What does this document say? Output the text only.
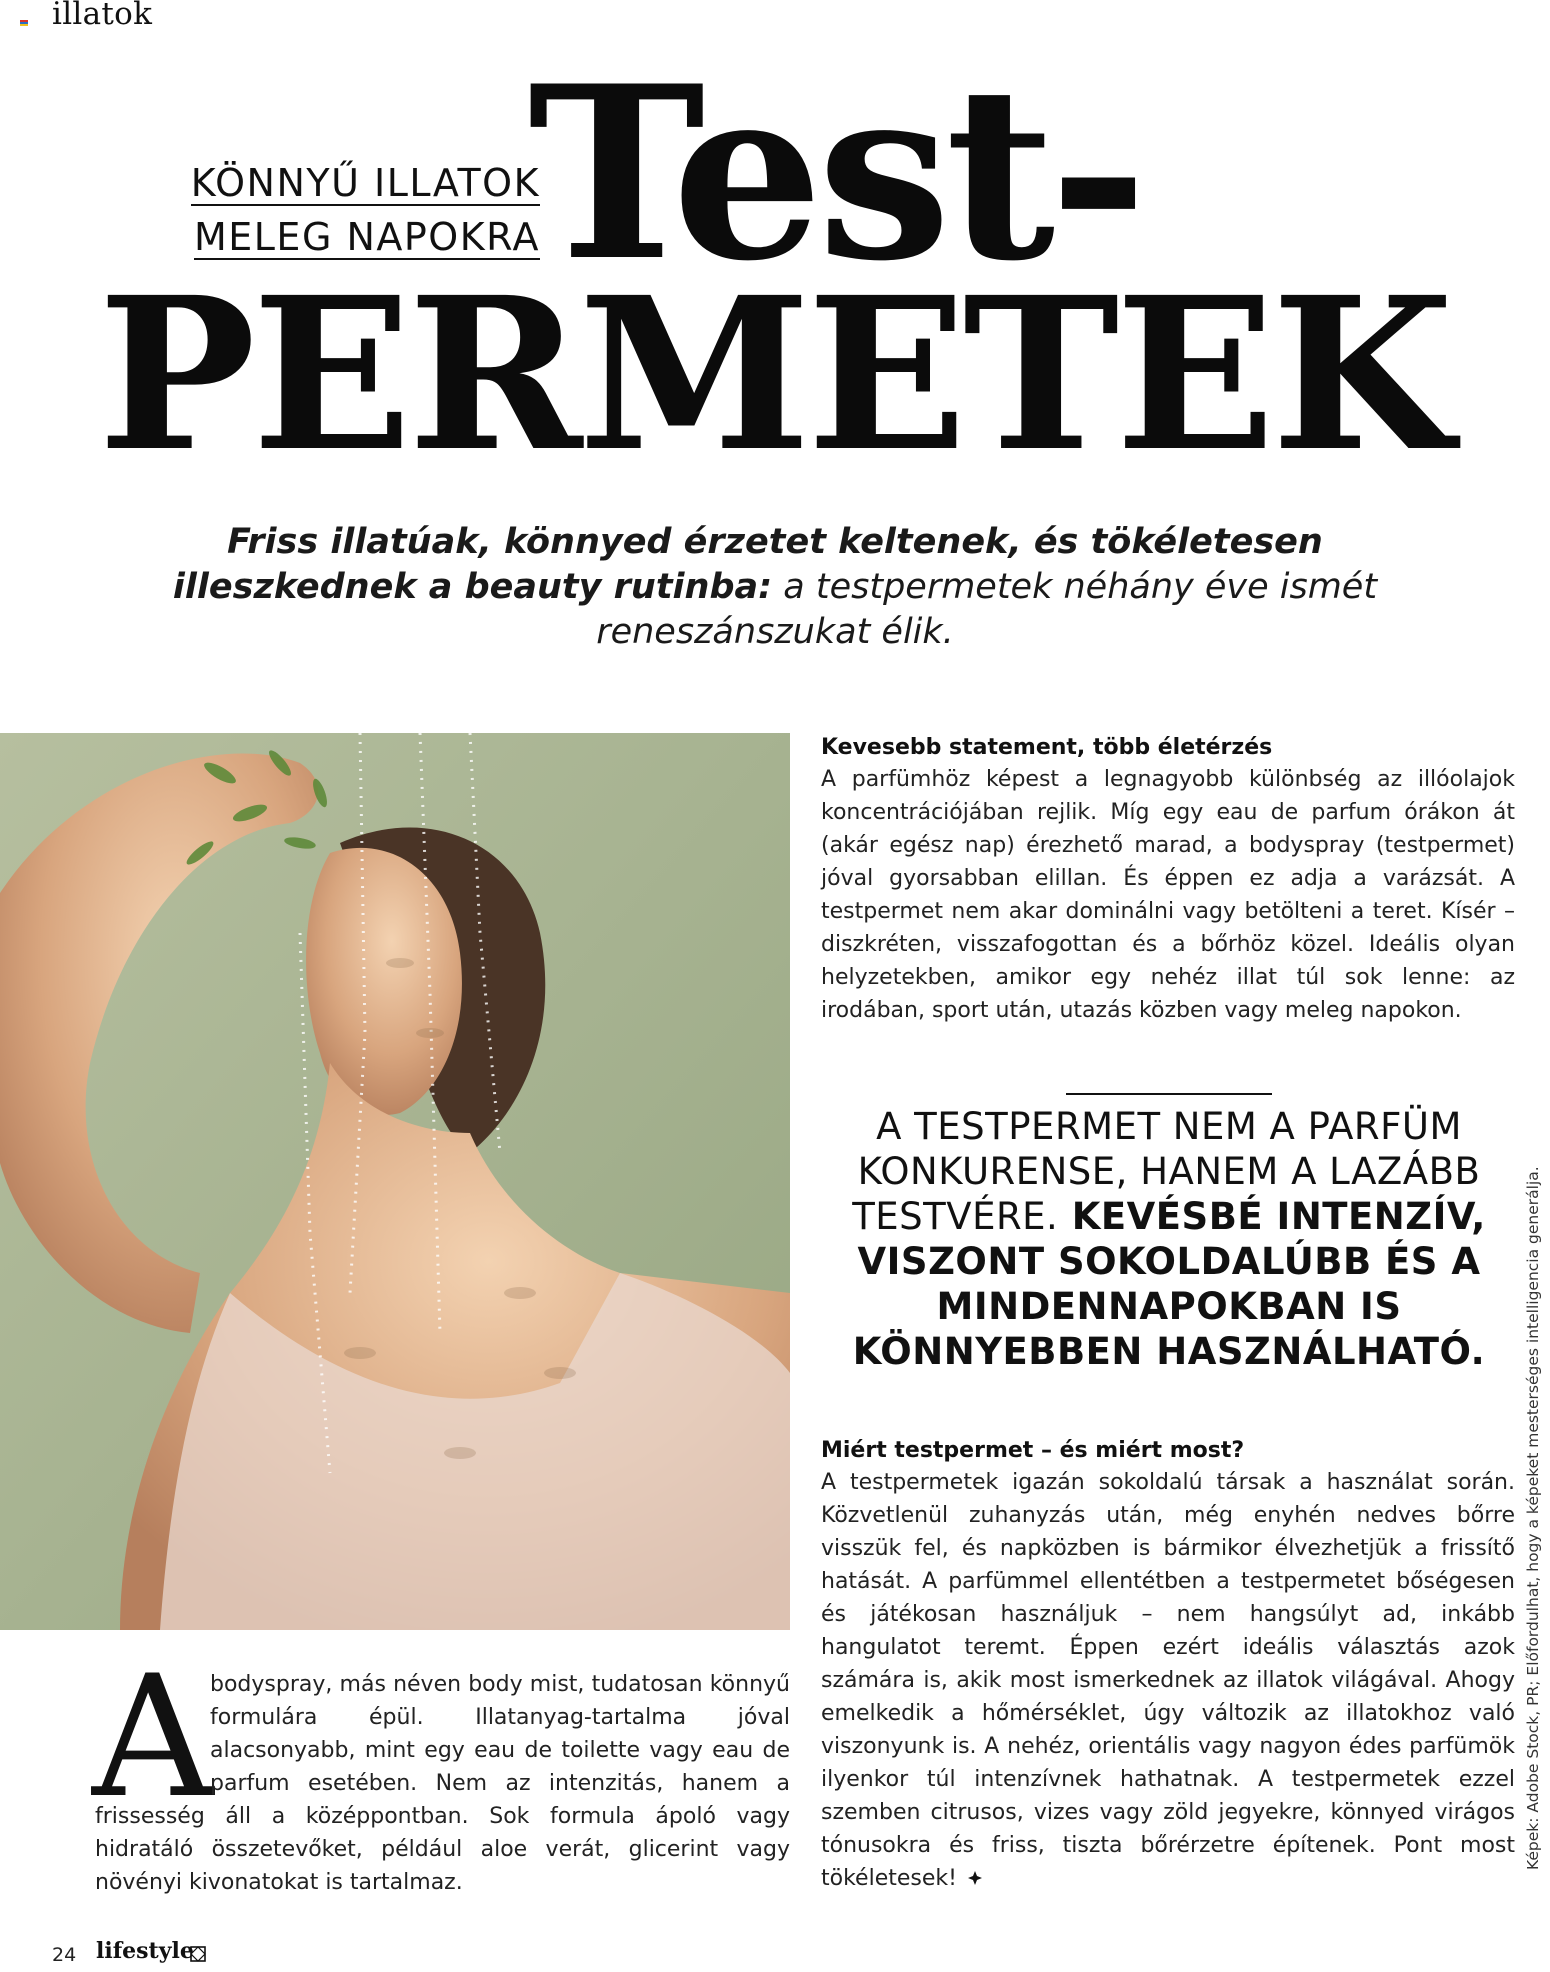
illatok
KÖNNYŰ ILLATOK
MELEG NAPOKRA
Test-
PERMETEK
Friss illatúak, könnyed érzetet keltenek, és tökéletesen illeszkednek a beauty rutinba: a testpermetek néhány éve ismét reneszánszukat élik.
Kevesebb statement, több életérzés
A parfümhöz képest a legnagyobb különbség az illóolajok koncentrációjában rejlik. Míg egy eau de parfum órákon át (akár egész nap) érezhető marad, a bodyspray (testpermet) jóval gyorsabban elillan. És éppen ez adja a varázsát. A testpermet nem akar dominálni vagy betölteni a teret. Kísér – diszkréten, visszafogottan és a bőrhöz közel. Ideális olyan helyzetekben, amikor egy nehéz illat túl sok lenne: az irodában, sport után, utazás közben vagy meleg napokon.
A TESTPERMET NEM A PARFÜM KONKURENSE, HANEM A LAZÁBB TESTVÉRE. KEVÉSBÉ INTENZÍV, VISZONT SOKOLDALÚBB ÉS A MINDENNAPOKBAN IS KÖNNYEBBEN HASZNÁLHATÓ.
Miért testpermet – és miért most?
A testpermetek igazán sokoldalú társak a használat során. Közvetlenül zuhanyzás után, még enyhén nedves bőrre visszük fel, és napközben is bármikor élvezhetjük a frissítő hatását. A parfümmel ellentétben a testpermetet bőségesen és játékosan használjuk – nem hangsúlyt ad, inkább hangulatot teremt. Éppen ezért ideális választás azok számára is, akik most ismerkednek az illatok világával. Ahogy emelkedik a hőmérséklet, úgy változik az illatokhoz való viszonyunk is. A nehéz, orientális vagy nagyon édes parfümök ilyenkor túl intenzívnek hathatnak. A testpermetek ezzel szemben citrusos, vizes vagy zöld jegyekre, könnyed virágos tónusokra és friss, tiszta bőrérzetre építenek. Pont most tökéletesek!
A
bodyspray, más néven body mist, tudatosan könnyű formulára épül. Illatanyag-tartalma jóval alacsonyabb, mint egy eau de toilette vagy eau de parfum esetében. Nem az intenzitás, hanem a frissesség áll a középpontban. Sok formula ápoló vagy hidratáló összetevőket, például aloe verát, glicerint vagy növényi kivonatokat is tartalmaz.
Képek: Adobe Stock, PR; Előfordulhat, hogy a képeket mesterséges intelligencia generálja.
24 lifestyle
